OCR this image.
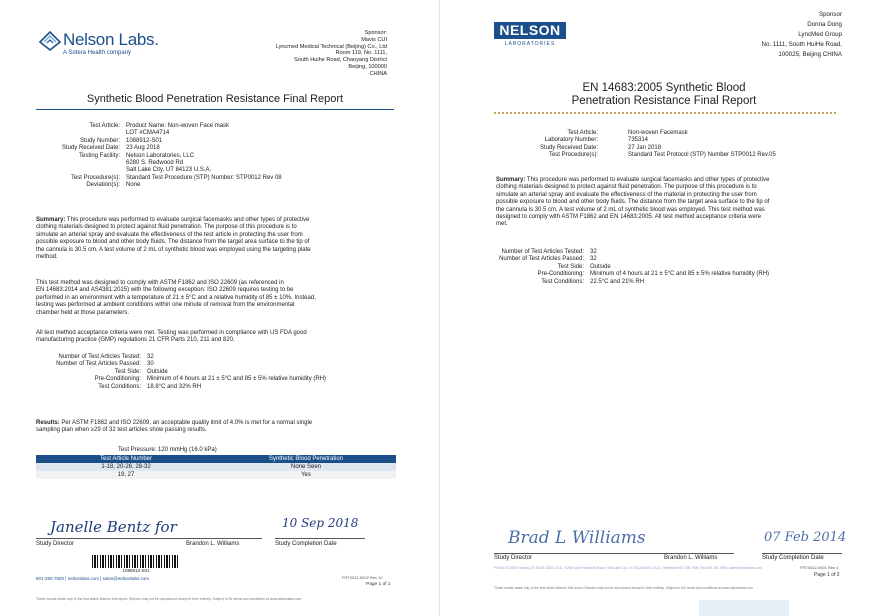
Nelson Labs.
A Sotera Health company
Sponsor:
Mavis CUI
Lyncmed Medical Technical (Beijing) Co., Ltd
Room 119, No. 1111,
South Huihe Road, Chaoyang District
Beijing, 100000
CHINA
Synthetic Blood Penetration Resistance Final Report
Test Article: Product Name: Non-woven Face mask
LOT #CMA4714
Study Number: 1088912-S01
Study Received Date: 23 Aug 2018
Testing Facility: Nelson Laboratories, LLC
6280 S. Redwood Rd
Salt Lake City, UT 84123 U.S.A.
Test Procedure(s): Standard Test Procedure (STP) Number: STP0012 Rev 08
Deviation(s): None
Summary: This procedure was performed to evaluate surgical facemasks and other types of protective
clothing materials designed to protect against fluid penetration. The purpose of this procedure is to
simulate an arterial spray and evaluate the effectiveness of the test article in protecting the user from
possible exposure to blood and other body fluids. The distance from the target area surface to the tip of
the cannula is 30.5 cm. A test volume of 2 mL of synthetic blood was employed using the targeting plate
method.
This test method was designed to comply with ASTM F1862 and ISO 22609 (as referenced in
EN 14683:2014 and AS4381:2015) with the following exception: ISO 22609 requires testing to be
performed in an environment with a temperature of 21 ± 5°C and a relative humidity of 85 ± 10%. Instead,
testing was performed at ambient conditions within one minute of removal from the environmental
chamber held at those parameters.
All test method acceptance criteria were met. Testing was performed in compliance with US FDA good
manufacturing practice (GMP) regulations 21 CFR Parts 210, 211 and 820.
Number of Test Articles Tested: 32
Number of Test Articles Passed: 30
Test Side: Outside
Pre-Conditioning: Minimum of 4 hours at 21 ± 5°C and 85 ± 5% relative humidity (RH)
Test Conditions: 18.8°C and 32% RH
Results: Per ASTM F1862 and ISO 22609, an acceptable quality limit of 4.0% is met for a normal single
sampling plan when ≥29 of 32 test articles show passing results.
Test Pressure: 120 mmHg (16.0 kPa)
Test Article Number	Synthetic Blood Penetration
1-18, 20-26, 28-32	None Seen
19, 27	Yes
Janelle Bentz for	10 Sep 2018
Study Director	Brandon L. Williams	Study Completion Date
1088912-S01
801-290-7500 | nelsonlabs.com | sales@nelsonlabs.com	FRT0012-0002 Rev 10
Page 1 of 1
These results relate only to the test article listed in this report. Reports may not be reproduced except in their entirety. Subject to NL terms and conditions at www.nelsonlabs.com
NELSON
LABORATORIES
Sponsor
Donna Dong
LyncMed Group
No. 1111, South HuiHe Road,
100025, Beijing CHINA
EN 14683:2005 Synthetic Blood
Penetration Resistance Final Report
Test Article:	Non-woven Facemask
Laboratory Number:	735314
Study Received Date:	27 Jan 2018
Test Procedure(s):	Standard Test Protocol (STP) Number STP0012 Rev.05
Summary: This procedure was performed to evaluate surgical facemasks and other types of protective
clothing materials designed to protect against fluid penetration. The purpose of this procedure is to
simulate an arterial spray and evaluate the effectiveness of the material in protecting the user from
possible exposure to blood and other body fluids. The distance from the target area surface to the tip of
the cannula is 30.5 cm. A test volume of 2 mL of synthetic blood was employed. This test method was
designed to comply with ASTM F1862 and EN 14683:2005. All test method acceptance criteria were
met.
Number of Test Articles Tested: 32
Number of Test Articles Passed: 32
Test Side: Outside
Pre-Conditioning: Minimum of 4 hours at 21 ± 5°C and 85 ± 5% relative humidity (RH)
Test Conditions: 22.5°C and 21% RH
Brad L Williams	07 Feb 2014
Study Director	Brandon L. Williams	Study Completion Date
PO Box 571830 | Murray, UT 84157-1830 U.S.A. | 6280 South Redwood Road | Salt Lake City, UT 84123-6600 U.S.A. | Telephone 801 290 7500 | Fax 801 290 7998 | sales@nelsonlabs.com	FRT0012-0001 Rev 4
Page 1 of 2
These results relate only to the test article listed in this report. Reports may not be reproduced except in their entirety. Subject to NU terms and conditions at www.nelsonlabs.com
